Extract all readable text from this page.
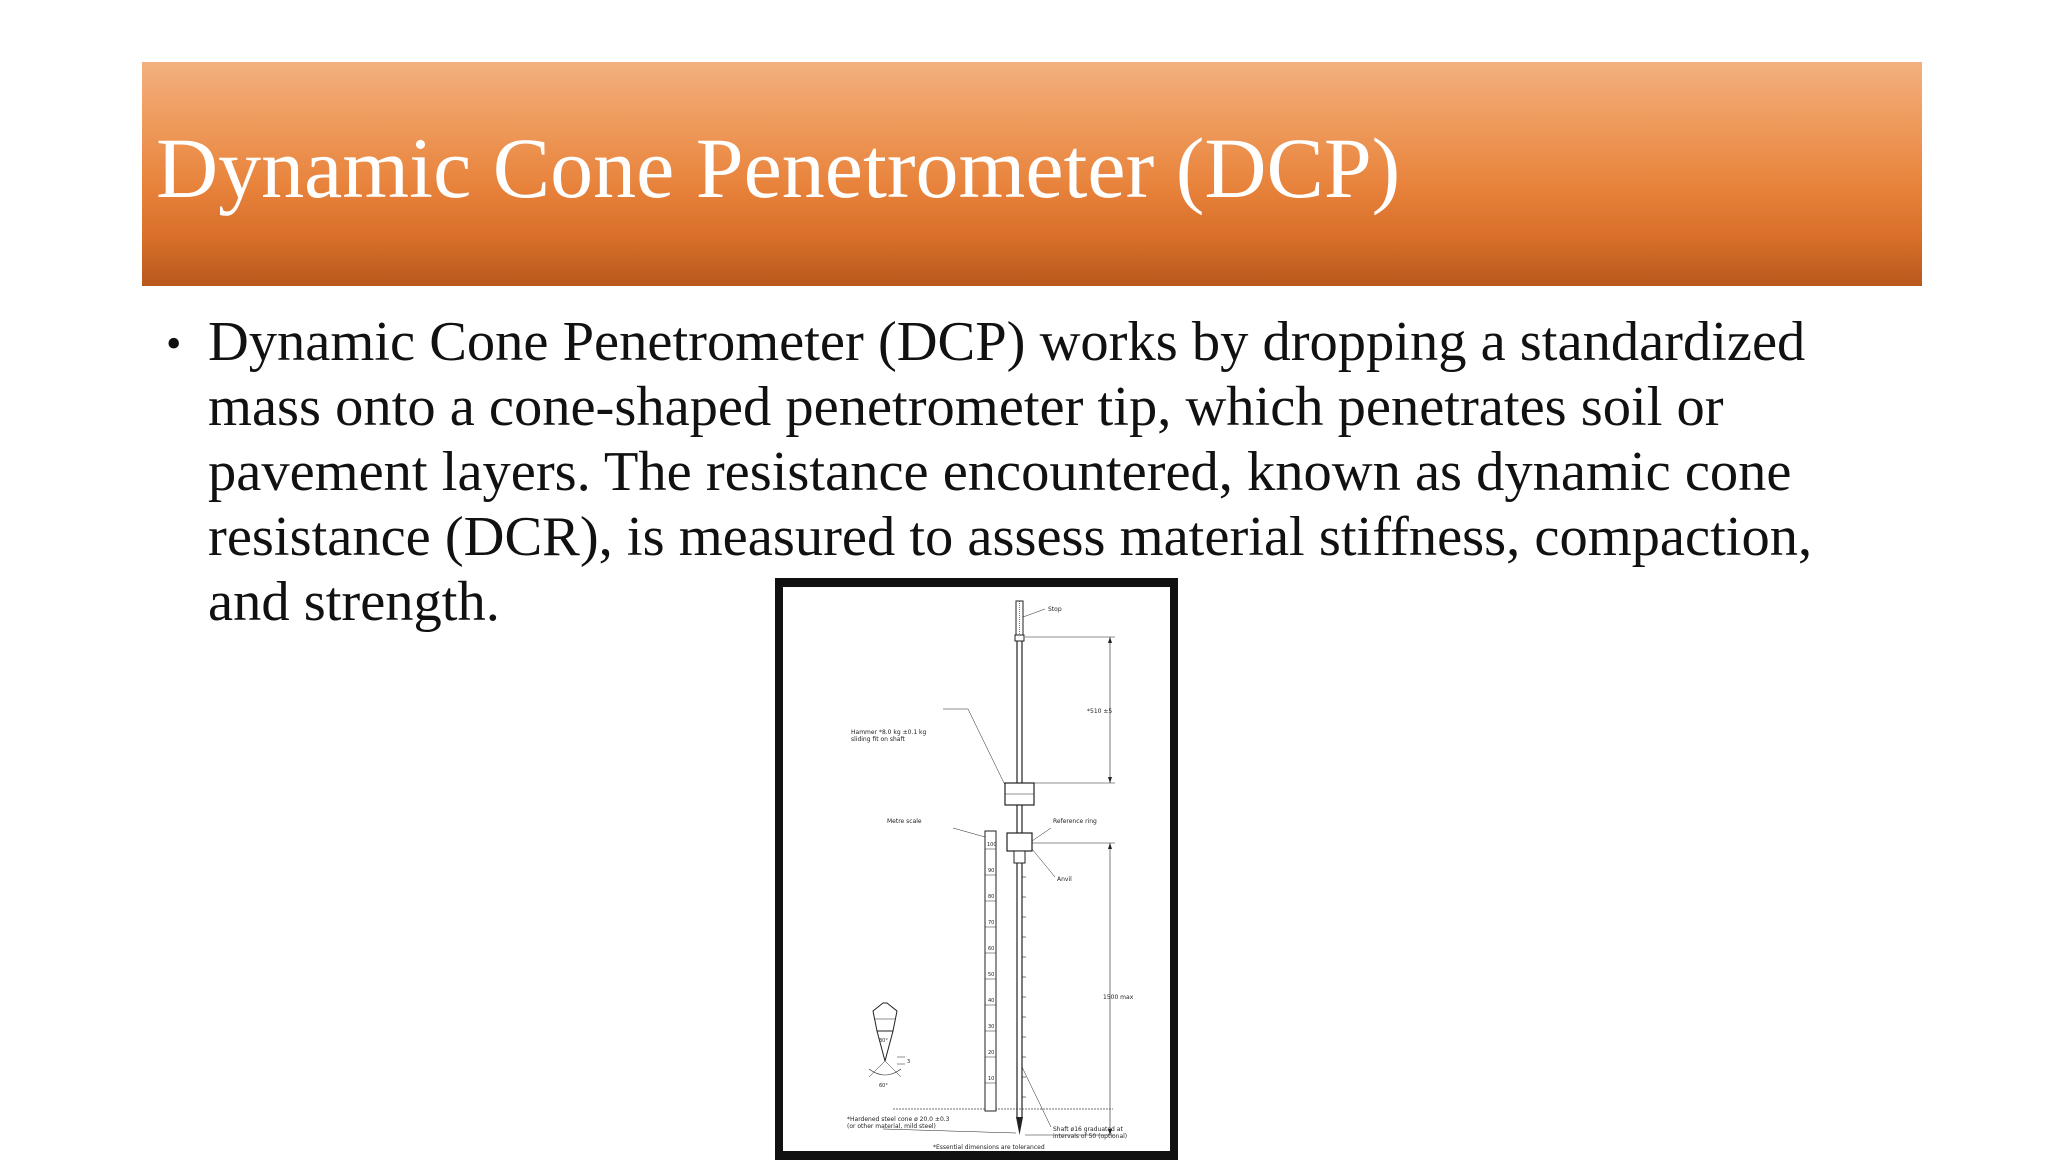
Dynamic Cone Penetrometer (DCP)
• Dynamic Cone Penetrometer (DCP) works by dropping a standardized
mass onto a cone-shaped penetrometer tip, which penetrates soil or
pavement layers. The resistance encountered, known as dynamic cone
resistance (DCR), is measured to assess material stiffness, compaction,
and strength.
100
90
80
70
60
50
40
30
20
10
Stop
*510 ±5
Hammer *8.0 kg ±0.1 kg
sliding fit on shaft
Metre scale	Reference ring
Anvil
1500 max
30°
60°
3
*Hardened steel cone ø 20.0 ±0.3
(or other material, mild steel)	Shaft ø16 graduated at
intervals of 50 (optional)
*Essential dimensions are toleranced
